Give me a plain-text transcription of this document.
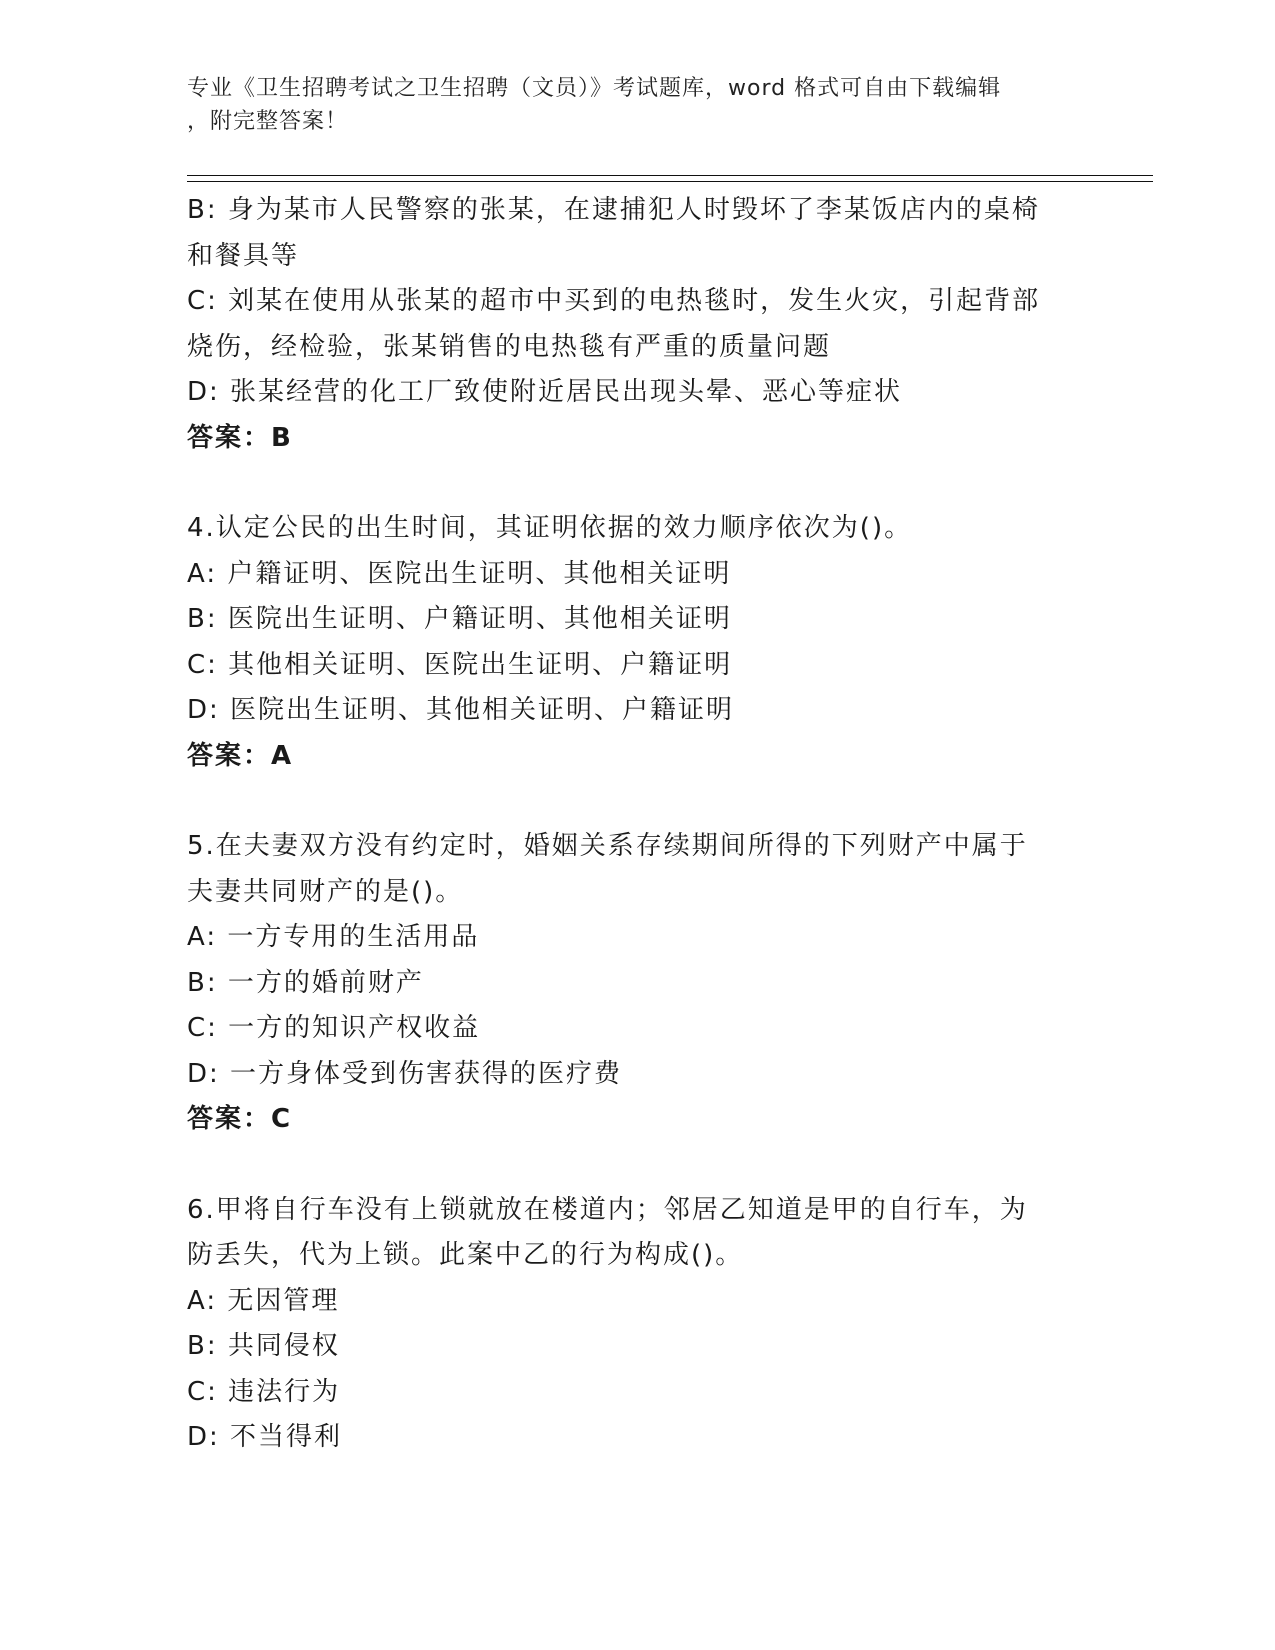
专业《卫生招聘考试之卫生招聘（文员）》考试题库，word 格式可自由下载编辑
，附完整答案！
B: 身为某市人民警察的张某，在逮捕犯人时毁坏了李某饭店内的桌椅
和餐具等
C: 刘某在使用从张某的超市中买到的电热毯时，发生火灾，引起背部
烧伤，经检验，张某销售的电热毯有严重的质量问题
D: 张某经营的化工厂致使附近居民出现头晕、恶心等症状
答案：B
4.认定公民的出生时间，其证明依据的效力顺序依次为()。
A: 户籍证明、医院出生证明、其他相关证明
B: 医院出生证明、户籍证明、其他相关证明
C: 其他相关证明、医院出生证明、户籍证明
D: 医院出生证明、其他相关证明、户籍证明
答案：A
5.在夫妻双方没有约定时，婚姻关系存续期间所得的下列财产中属于
夫妻共同财产的是()。
A: 一方专用的生活用品
B: 一方的婚前财产
C: 一方的知识产权收益
D: 一方身体受到伤害获得的医疗费
答案：C
6.甲将自行车没有上锁就放在楼道内；邻居乙知道是甲的自行车，为
防丢失，代为上锁。此案中乙的行为构成()。
A: 无因管理
B: 共同侵权
C: 违法行为
D: 不当得利
